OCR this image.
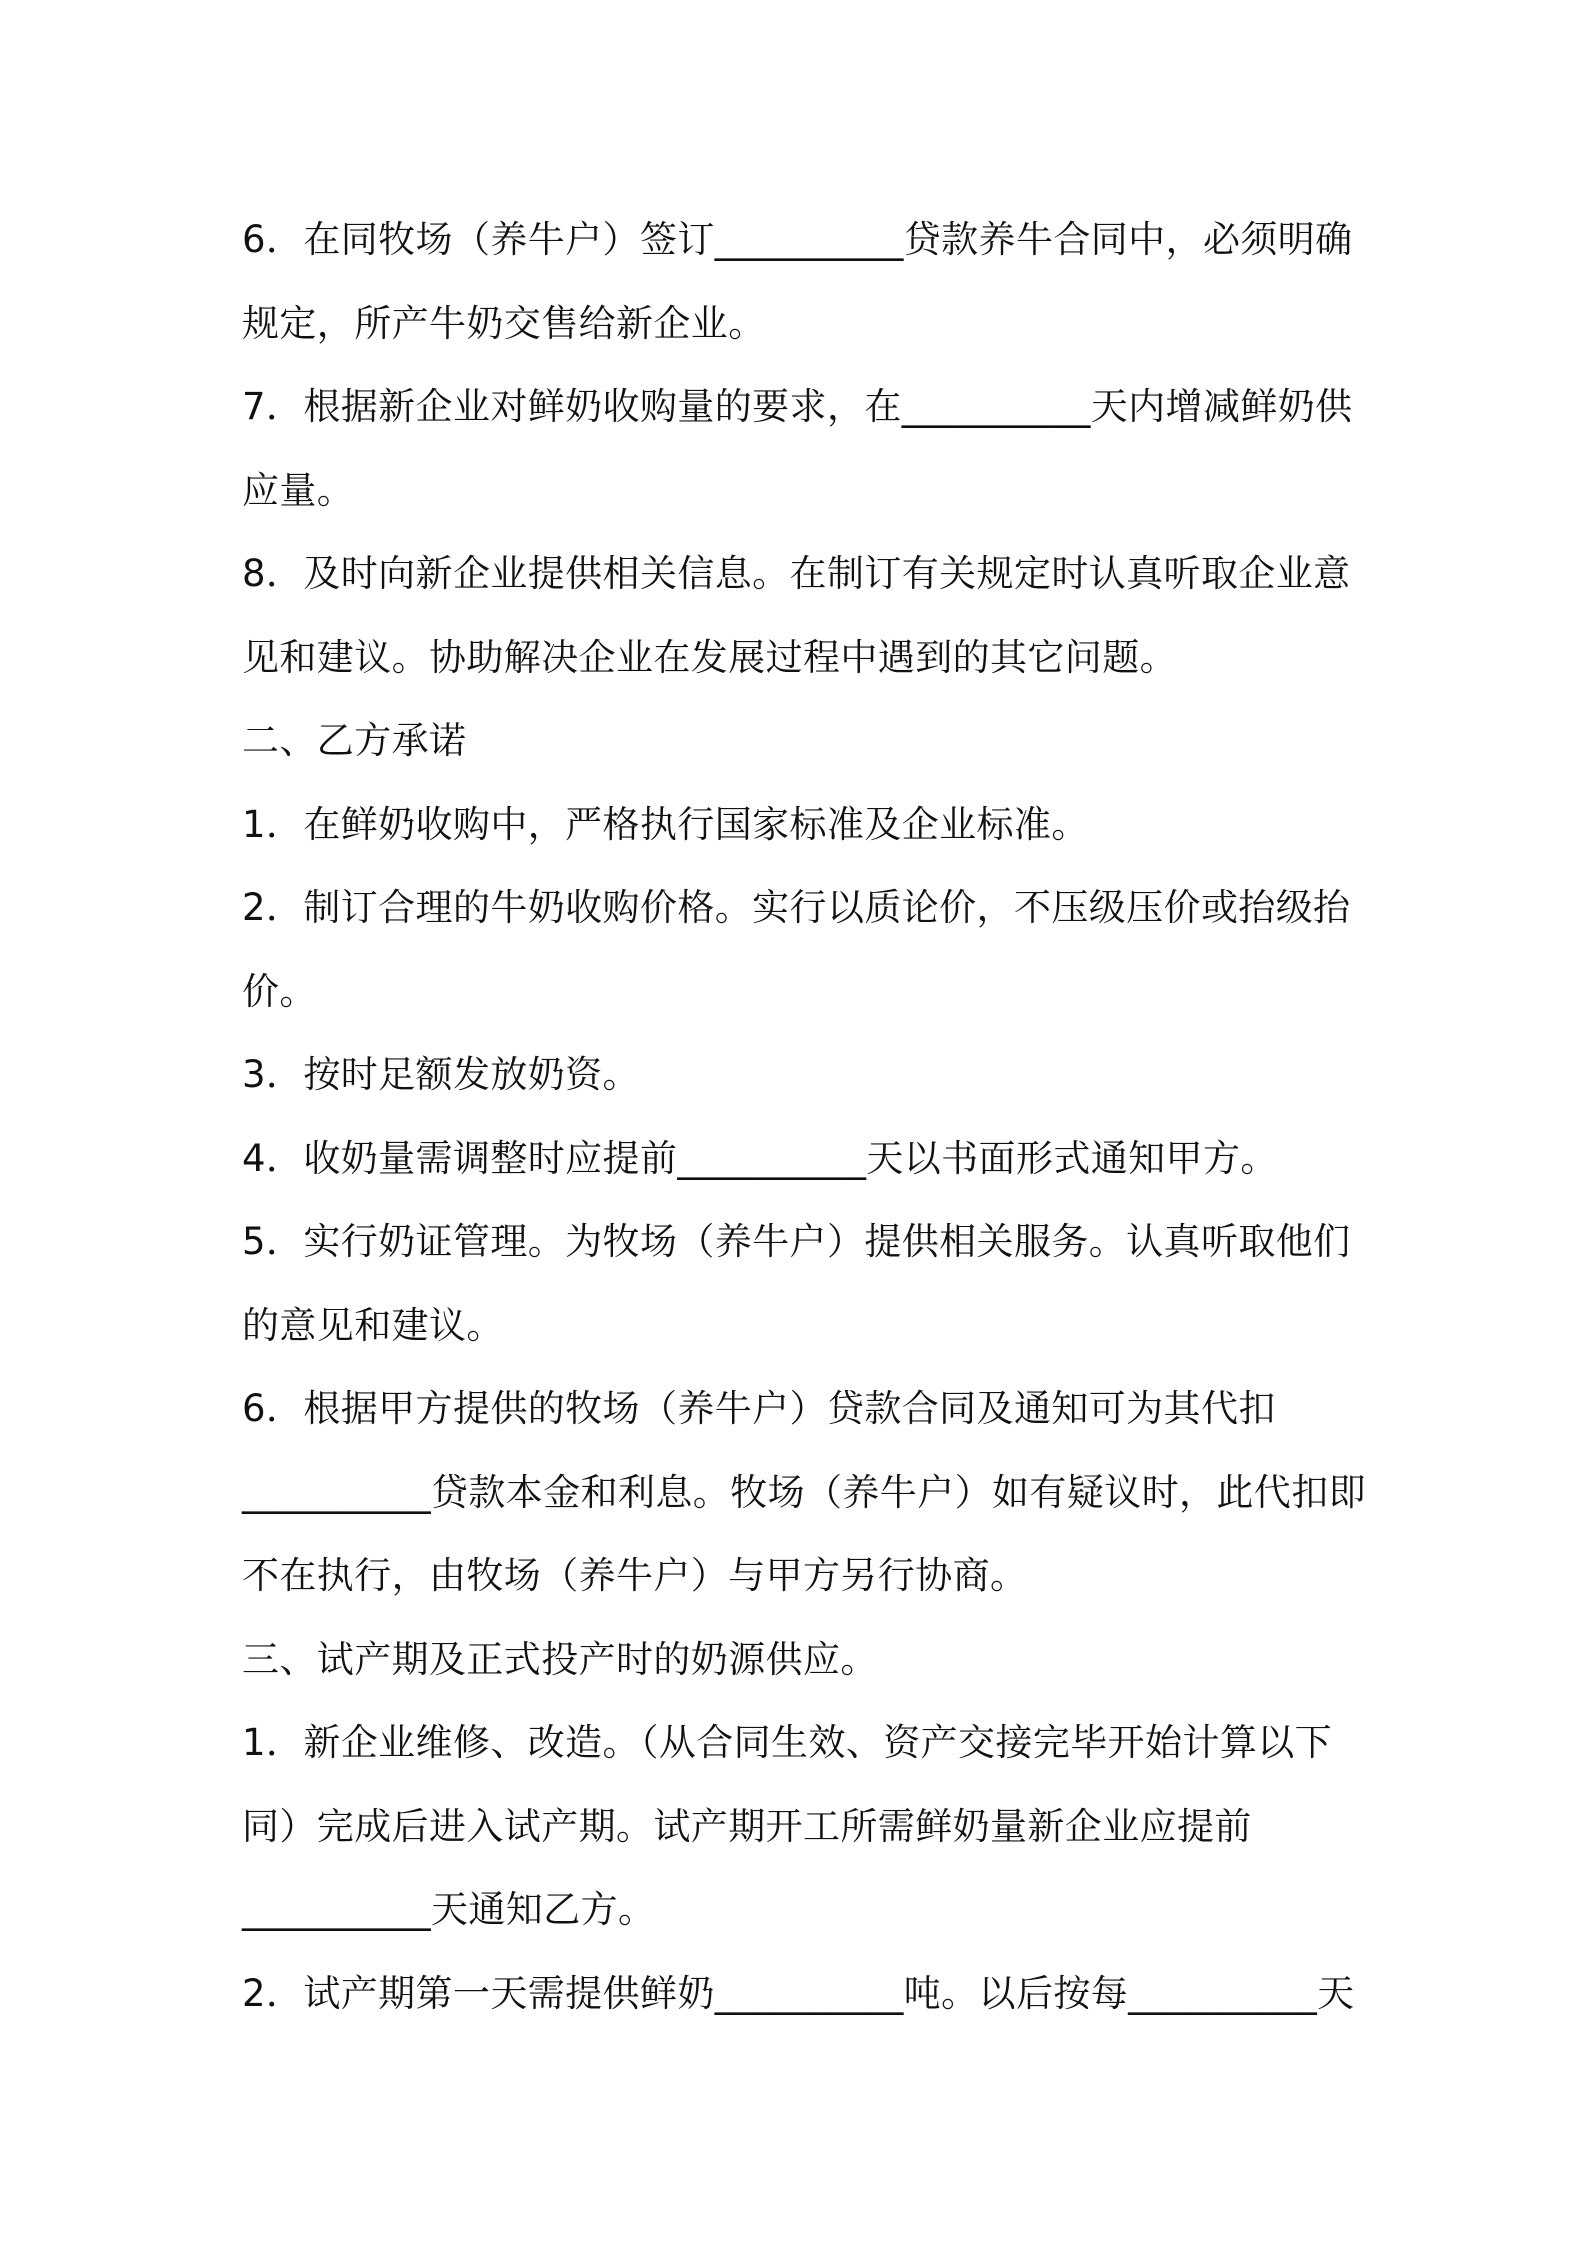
6．在同牧场（养牛户）签订__________贷款养牛合同中，必须明确
规定，所产牛奶交售给新企业。
7．根据新企业对鲜奶收购量的要求，在__________天内增减鲜奶供
应量。
8．及时向新企业提供相关信息。在制订有关规定时认真听取企业意
见和建议。协助解决企业在发展过程中遇到的其它问题。
二、乙方承诺
1．在鲜奶收购中，严格执行国家标准及企业标准。
2．制订合理的牛奶收购价格。实行以质论价，不压级压价或抬级抬
价。
3．按时足额发放奶资。
4．收奶量需调整时应提前__________天以书面形式通知甲方。
5．实行奶证管理。为牧场（养牛户）提供相关服务。认真听取他们
的意见和建议。
6．根据甲方提供的牧场（养牛户）贷款合同及通知可为其代扣
__________贷款本金和利息。牧场（养牛户）如有疑议时，此代扣即
不在执行，由牧场（养牛户）与甲方另行协商。
三、试产期及正式投产时的奶源供应。
1．新企业维修、改造。（从合同生效、资产交接完毕开始计算以下
同）完成后进入试产期。试产期开工所需鲜奶量新企业应提前
__________天通知乙方。
2．试产期第一天需提供鲜奶__________吨。以后按每__________天
